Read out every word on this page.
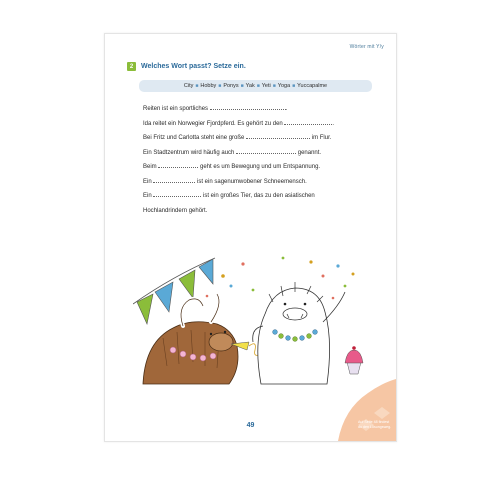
Wörter mit Y/y
2	Welches Wort passt? Setze ein.
City ■ Hobby ■ Ponys ■ Yak ■ Yeti ■ Yoga ■ Yuccapalme
Reiten ist ein sportliches	.
Ida reitet ein Norwegier Fjordpferd. Es gehört zu den	.
Bei Fritz und Carlotta steht eine große	im Flur.
Ein Stadtzentrum wird häufig auch	genannt.
Beim	geht es um Bewegung und um Entspannung.
Ein	ist ein sagenumwobener Schneemensch.
Ein	ist ein großes Tier, das zu den asiatischen
Hochlandrindern gehört.
Auf Seite 48 findest du den Lösungsweg.
49
